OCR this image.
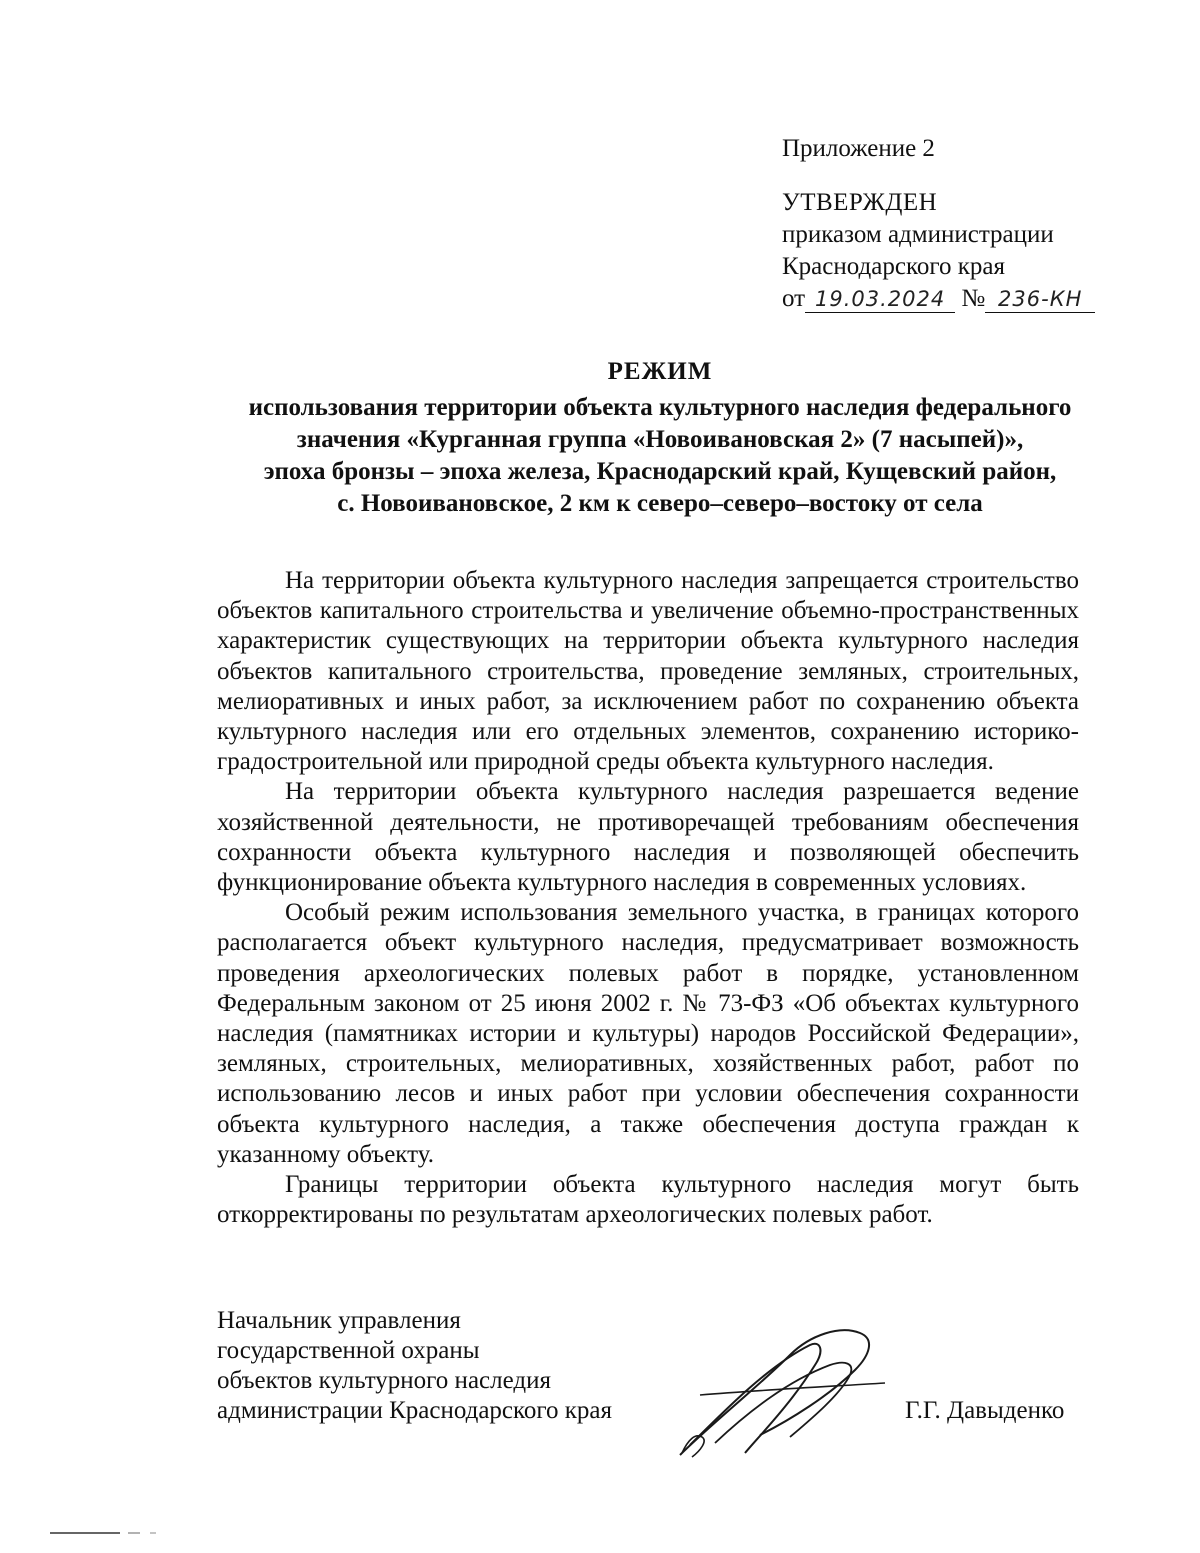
Приложение 2
УТВЕРЖДЕН
приказом администрации
Краснодарского края
от 19.03.2024 № 236-КН
РЕЖИМ
использования территории объекта культурного наследия федерального
значения «Курганная группа «Новоивановская 2» (7 насыпей)»,
эпоха бронзы – эпоха железа, Краснодарский край, Кущевский район,
с. Новоивановское, 2 км к северо–северо–востоку от села

На территории объекта культурного наследия запрещается строительство объектов капитального строительства и увеличение объемно-пространственных характеристик существующих на территории объекта культурного наследия объектов капитального строительства, проведение земляных, строительных, мелиоративных и иных работ, за исключением работ по сохранению объекта культурного наследия или его отдельных элементов, сохранению историко-градостроительной или природной среды объекта культурного наследия.

На территории объекта культурного наследия разрешается ведение хозяйственной деятельности, не противоречащей требованиям обеспечения сохранности объекта культурного наследия и позволяющей обеспечить функционирование объекта культурного наследия в современных условиях.

Особый режим использования земельного участка, в границах которого располагается объект культурного наследия, предусматривает возможность проведения археологических полевых работ в порядке, установленном Федеральным законом от 25 июня 2002 г. № 73-ФЗ «Об объектах культурного наследия (памятниках истории и культуры) народов Российской Федерации», земляных, строительных, мелиоративных, хозяйственных работ, работ по использованию лесов и иных работ при условии обеспечения сохранности объекта культурного наследия, а также обеспечения доступа граждан к указанному объекту.

Границы территории объекта культурного наследия могут быть откорректированы по результатам археологических полевых работ.

Начальник управления
государственной охраны
объектов культурного наследия
администрации Краснодарского края	Г.Г. Давыденко
